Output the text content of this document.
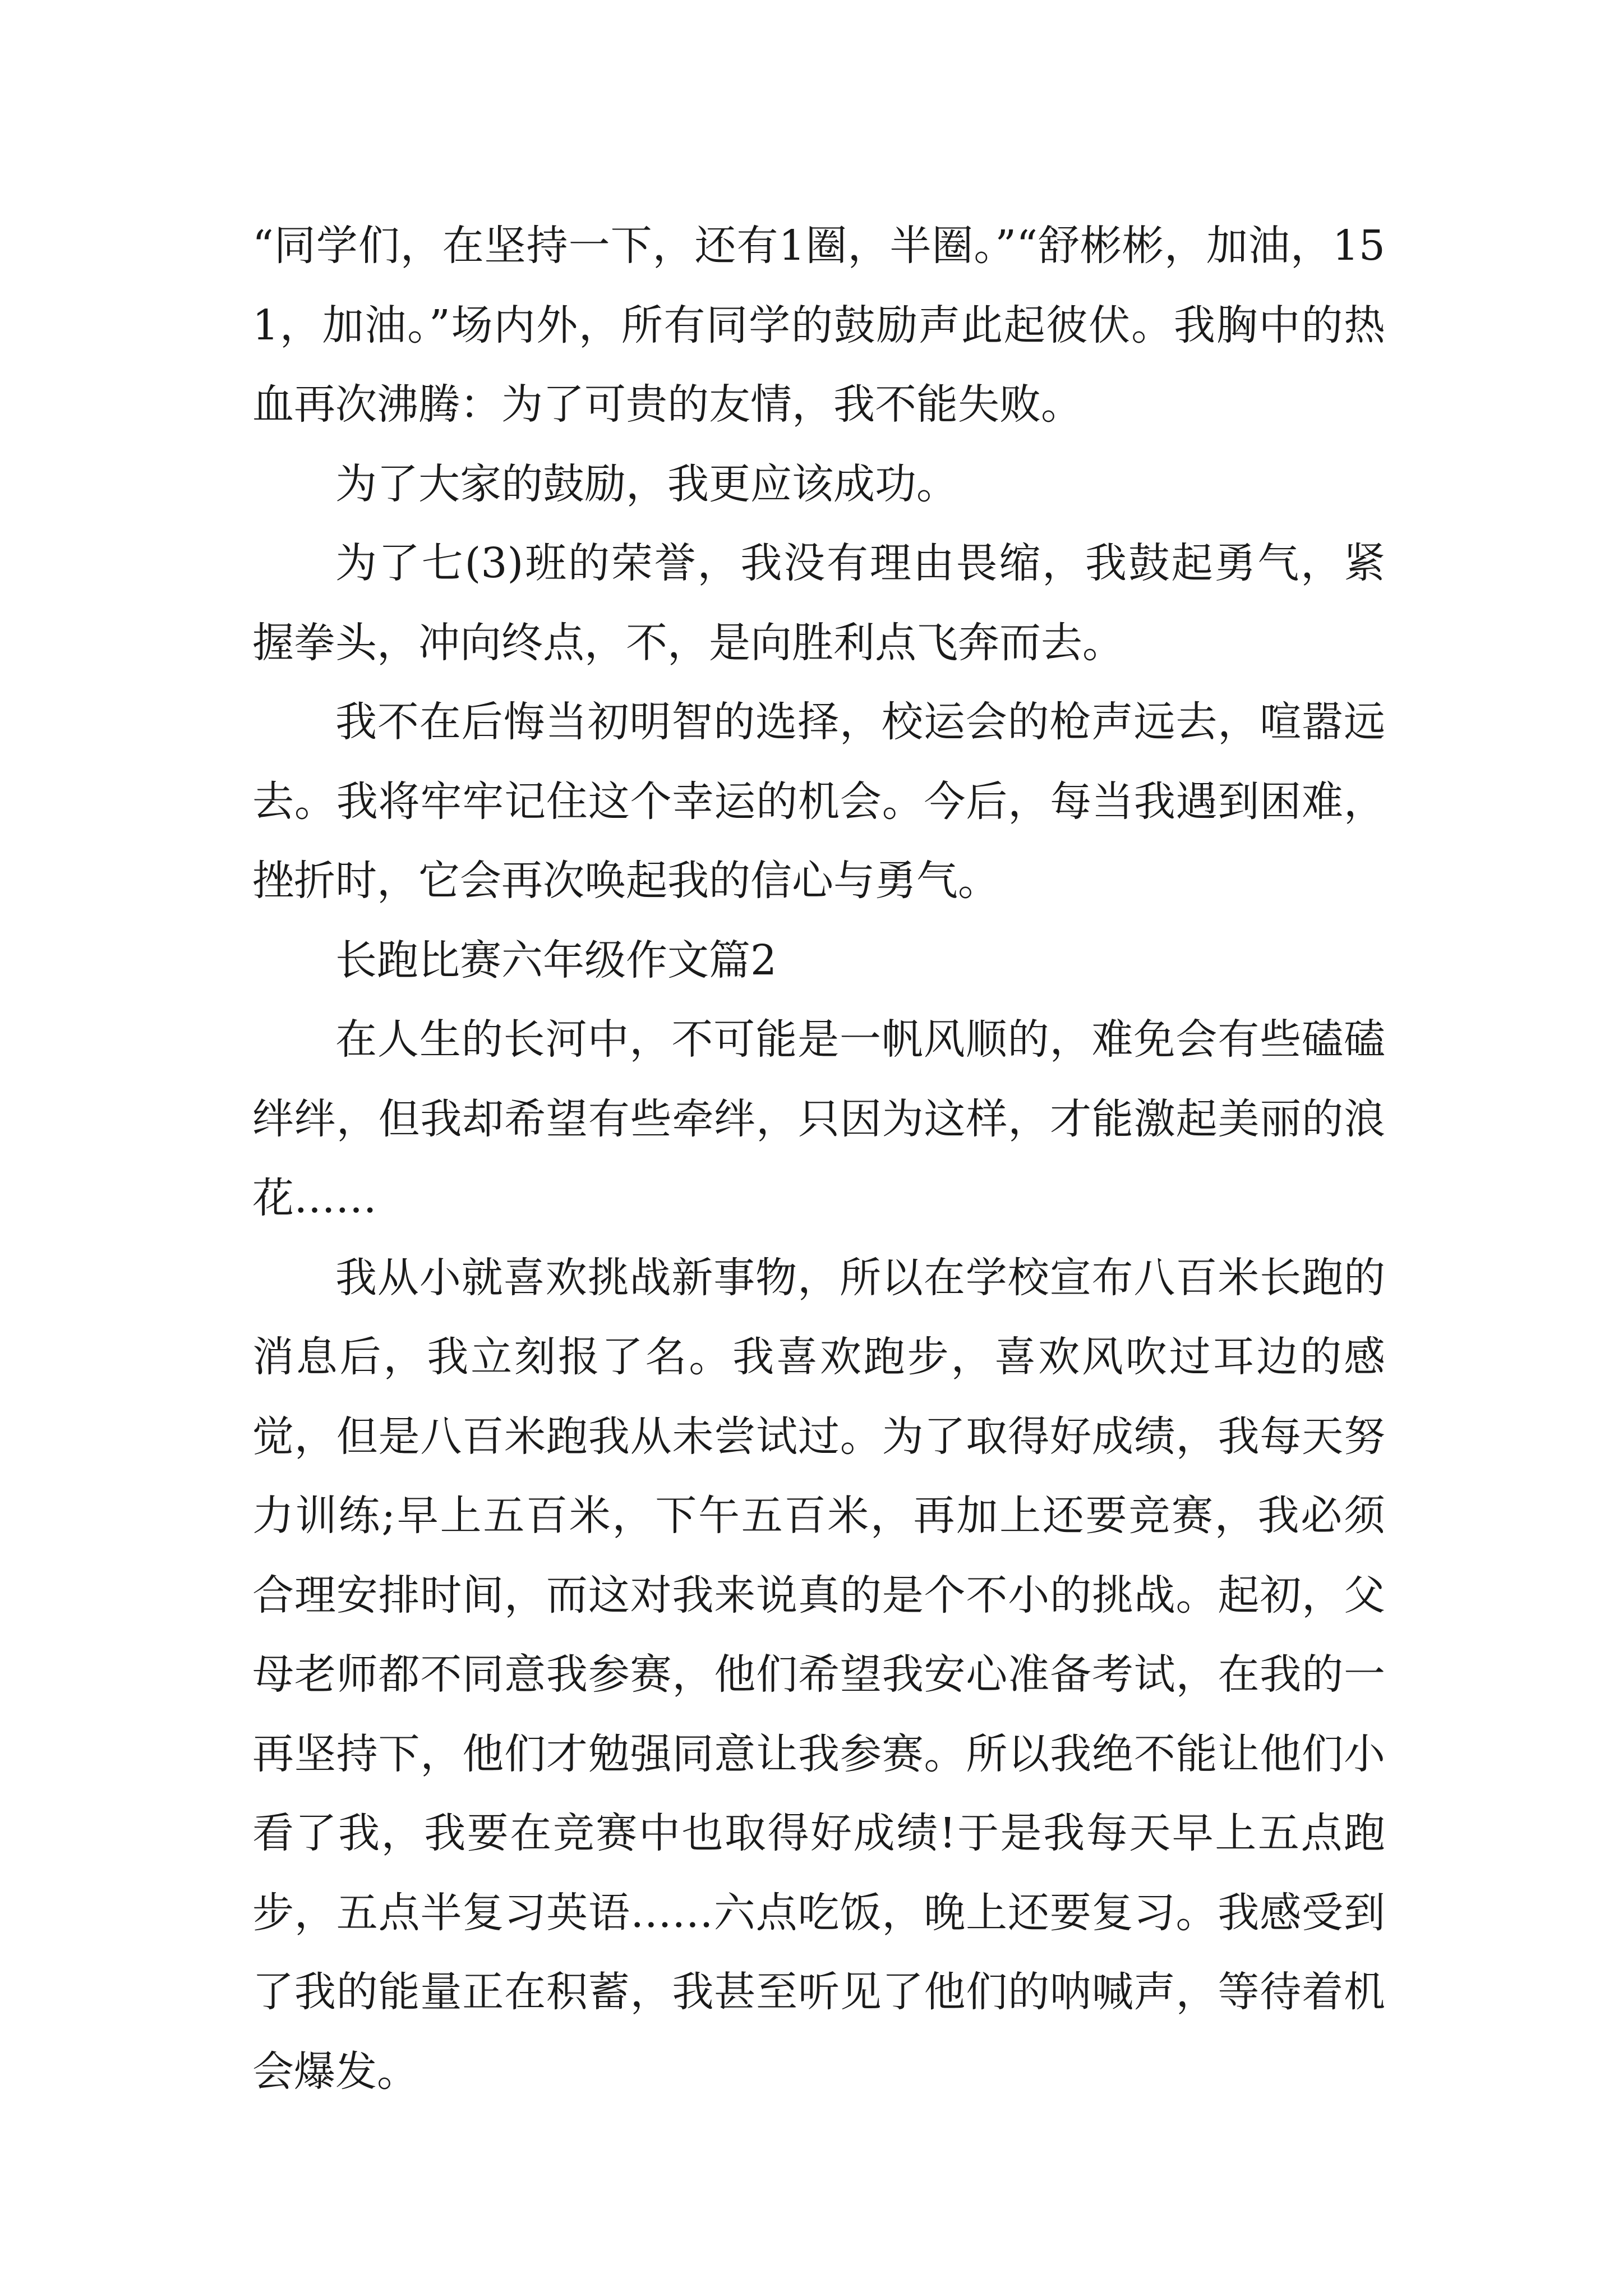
“同学们，在坚持一下，还有1圈，半圈。”“舒彬彬，加油，151，加油。”场内外，所有同学的鼓励声此起彼伏。我胸中的热血再次沸腾：为了可贵的友情，我不能失败。

为了大家的鼓励，我更应该成功。

为了七(3)班的荣誉，我没有理由畏缩，我鼓起勇气，紧握拳头，冲向终点，不，是向胜利点飞奔而去。

我不在后悔当初明智的选择，校运会的枪声远去，喧嚣远去。我将牢牢记住这个幸运的机会。今后，每当我遇到困难，挫折时，它会再次唤起我的信心与勇气。

长跑比赛六年级作文篇2

在人生的长河中，不可能是一帆风顺的，难免会有些磕磕绊绊，但我却希望有些牵绊，只因为这样，才能激起美丽的浪花……

我从小就喜欢挑战新事物，所以在学校宣布八百米长跑的消息后，我立刻报了名。我喜欢跑步，喜欢风吹过耳边的感觉，但是八百米跑我从未尝试过。为了取得好成绩，我每天努力训练;早上五百米，下午五百米，再加上还要竞赛，我必须合理安排时间，而这对我来说真的是个不小的挑战。起初，父母老师都不同意我参赛，他们希望我安心准备考试，在我的一再坚持下，他们才勉强同意让我参赛。所以我绝不能让他们小看了我，我要在竞赛中也取得好成绩!于是我每天早上五点跑步，五点半复习英语……六点吃饭，晚上还要复习。我感受到了我的能量正在积蓄，我甚至听见了他们的呐喊声，等待着机会爆发。
